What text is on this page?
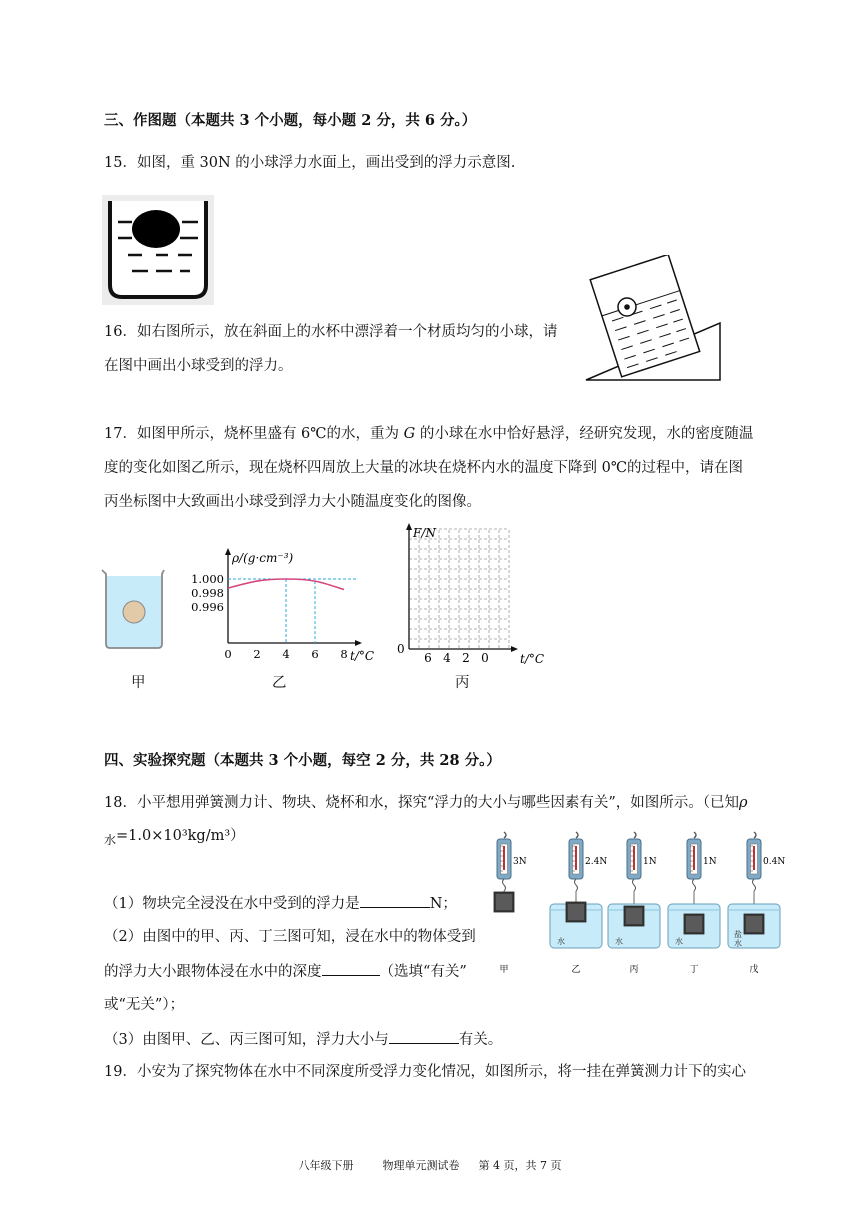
三、作图题（本题共 3 个小题，每小题 2 分，共 6 分。）
15．如图，重 30N 的小球浮力水面上，画出受到的浮力示意图.
16．如右图所示，放在斜面上的水杯中漂浮着一个材质均匀的小球，请
在图中画出小球受到的浮力。
17．如图甲所示，烧杯里盛有 6℃的水，重为 G 的小球在水中恰好悬浮，经研究发现，水的密度随温
度的变化如图乙所示，现在烧杯四周放上大量的冰块在烧杯内水的温度下降到 0℃的过程中，请在图
丙坐标图中大致画出小球受到浮力大小随温度变化的图像。
甲
ρ/(g·cm⁻³)
1.000
0.998
0.996
0 2 4 6 8 t/°C
乙
F/N
0
6 4 2 0	t/°C
丙
四、实验探究题（本题共 3 个小题，每空 2 分，共 28 分。）
18．小平想用弹簧测力计、物块、烧杯和水，探究“浮力的大小与哪些因素有关”，如图所示。（已知ρ
$_水$=1.0×10³kg/m³）
（1）物块完全浸没在水中受到的浮力是	N；
（2）由图中的甲、丙、丁三图可知，浸在水中的物体受到
的浮力大小跟物体浸在水中的深度	（选填“有关”
或“无关”）；
（3）由图甲、乙、丙三图可知，浮力大小与	有关。
19．小安为了探究物体在水中不同深度所受浮力变化情况，如图所示，将一挂在弹簧测力计下的实心
3N
甲
2.4N
水
乙
1N
水
丙
1N
水
丁
0.4N
盐
水
戊
八年级下册	物理单元测试卷 第 4 页，共 7 页
